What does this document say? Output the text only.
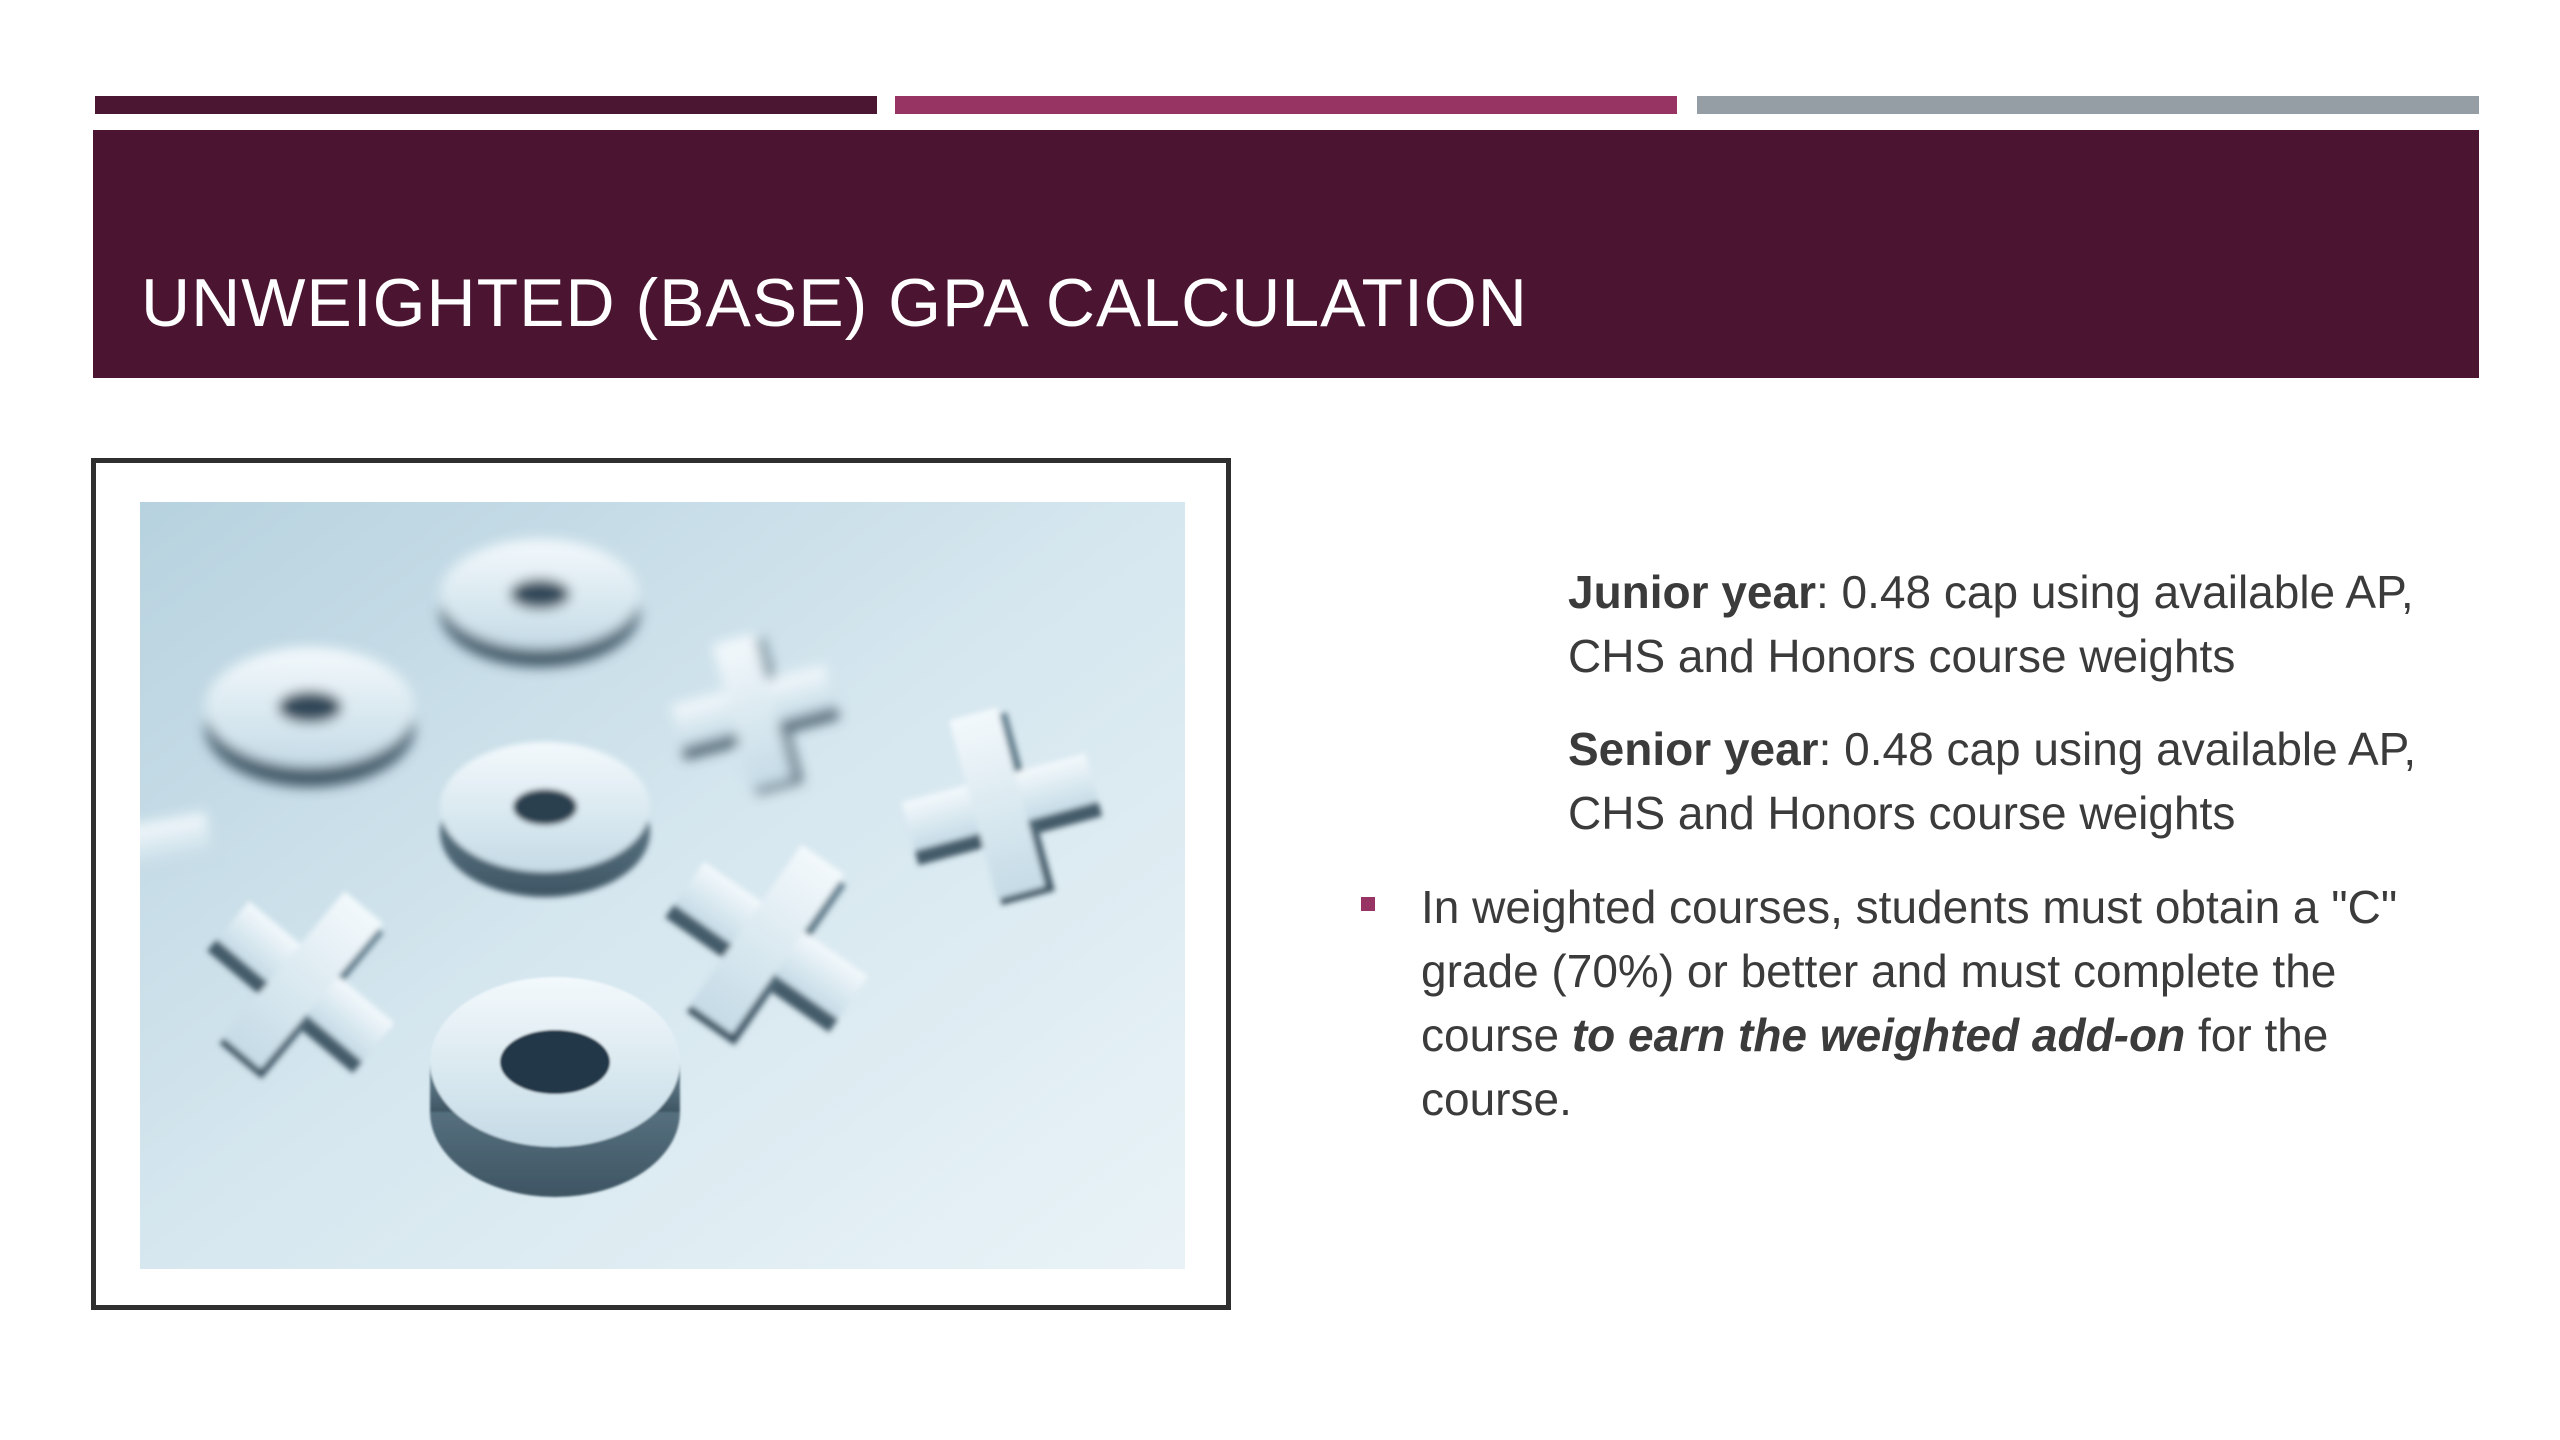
UNWEIGHTED (BASE) GPA CALCULATION
Junior year: 0.48 cap using available AP, CHS and Honors course weights
Senior year: 0.48 cap using available AP, CHS and Honors course weights

In weighted courses, students must obtain a "C" grade (70%) or better and must complete the course to earn the weighted add-on for the course.
